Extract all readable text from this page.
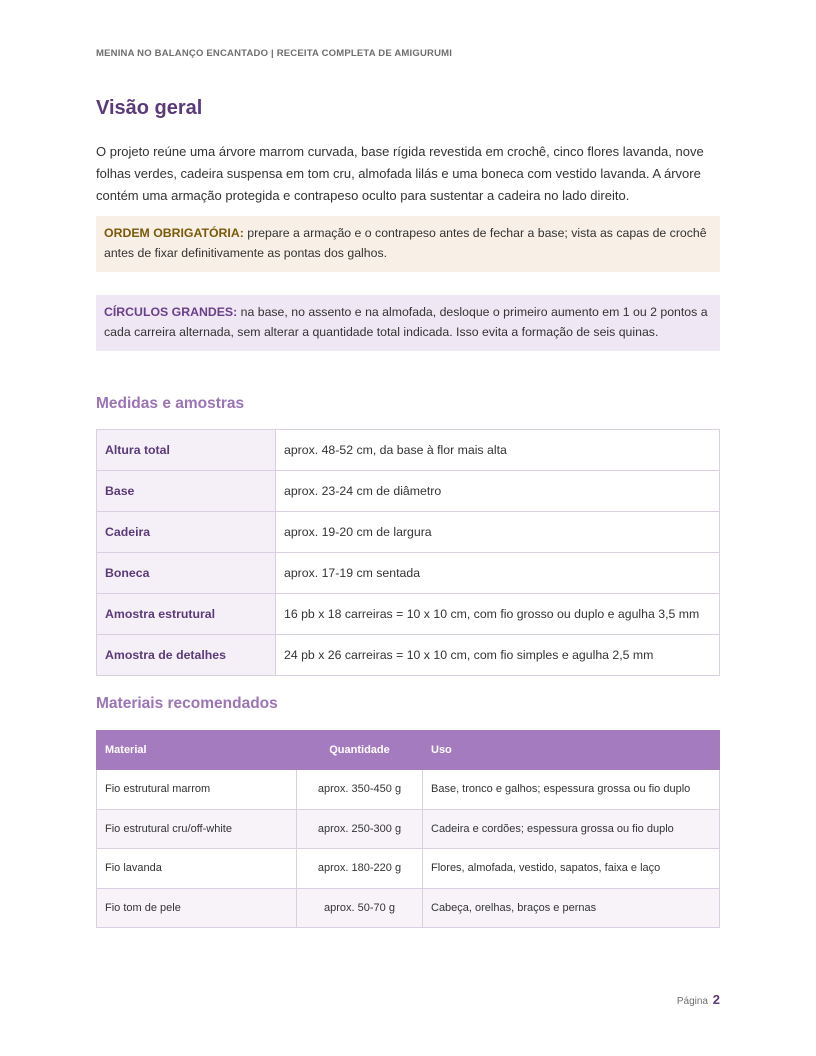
MENINA NO BALANÇO ENCANTADO | RECEITA COMPLETA DE AMIGURUMI
Visão geral

O projeto reúne uma árvore marrom curvada, base rígida revestida em crochê, cinco flores lavanda, nove folhas verdes, cadeira suspensa em tom cru, almofada lilás e uma boneca com vestido lavanda. A árvore contém uma armação protegida e contrapeso oculto para sustentar a cadeira no lado direito.

ORDEM OBRIGATÓRIA: prepare a armação e o contrapeso antes de fechar a base; vista as capas de crochê antes de fixar definitivamente as pontas dos galhos.
CÍRCULOS GRANDES: na base, no assento e na almofada, desloque o primeiro aumento em 1 ou 2 pontos a cada carreira alternada, sem alterar a quantidade total indicada. Isso evita a formação de seis quinas.
Medidas e amostras
Altura total	aprox. 48-52 cm, da base à flor mais alta
Base	aprox. 23-24 cm de diâmetro
Cadeira	aprox. 19-20 cm de largura
Boneca	aprox. 17-19 cm sentada
Amostra estrutural	16 pb x 18 carreiras = 10 x 10 cm, com fio grosso ou duplo e agulha 3,5 mm
Amostra de detalhes	24 pb x 26 carreiras = 10 x 10 cm, com fio simples e agulha 2,5 mm
Materiais recomendados
Material	Quantidade	Uso
Fio estrutural marrom	aprox. 350-450 g	Base, tronco e galhos; espessura grossa ou fio duplo
Fio estrutural cru/off-white	aprox. 250-300 g	Cadeira e cordões; espessura grossa ou fio duplo
Fio lavanda	aprox. 180-220 g	Flores, almofada, vestido, sapatos, faixa e laço
Fio tom de pele	aprox. 50-70 g	Cabeça, orelhas, braços e pernas
Página 2
